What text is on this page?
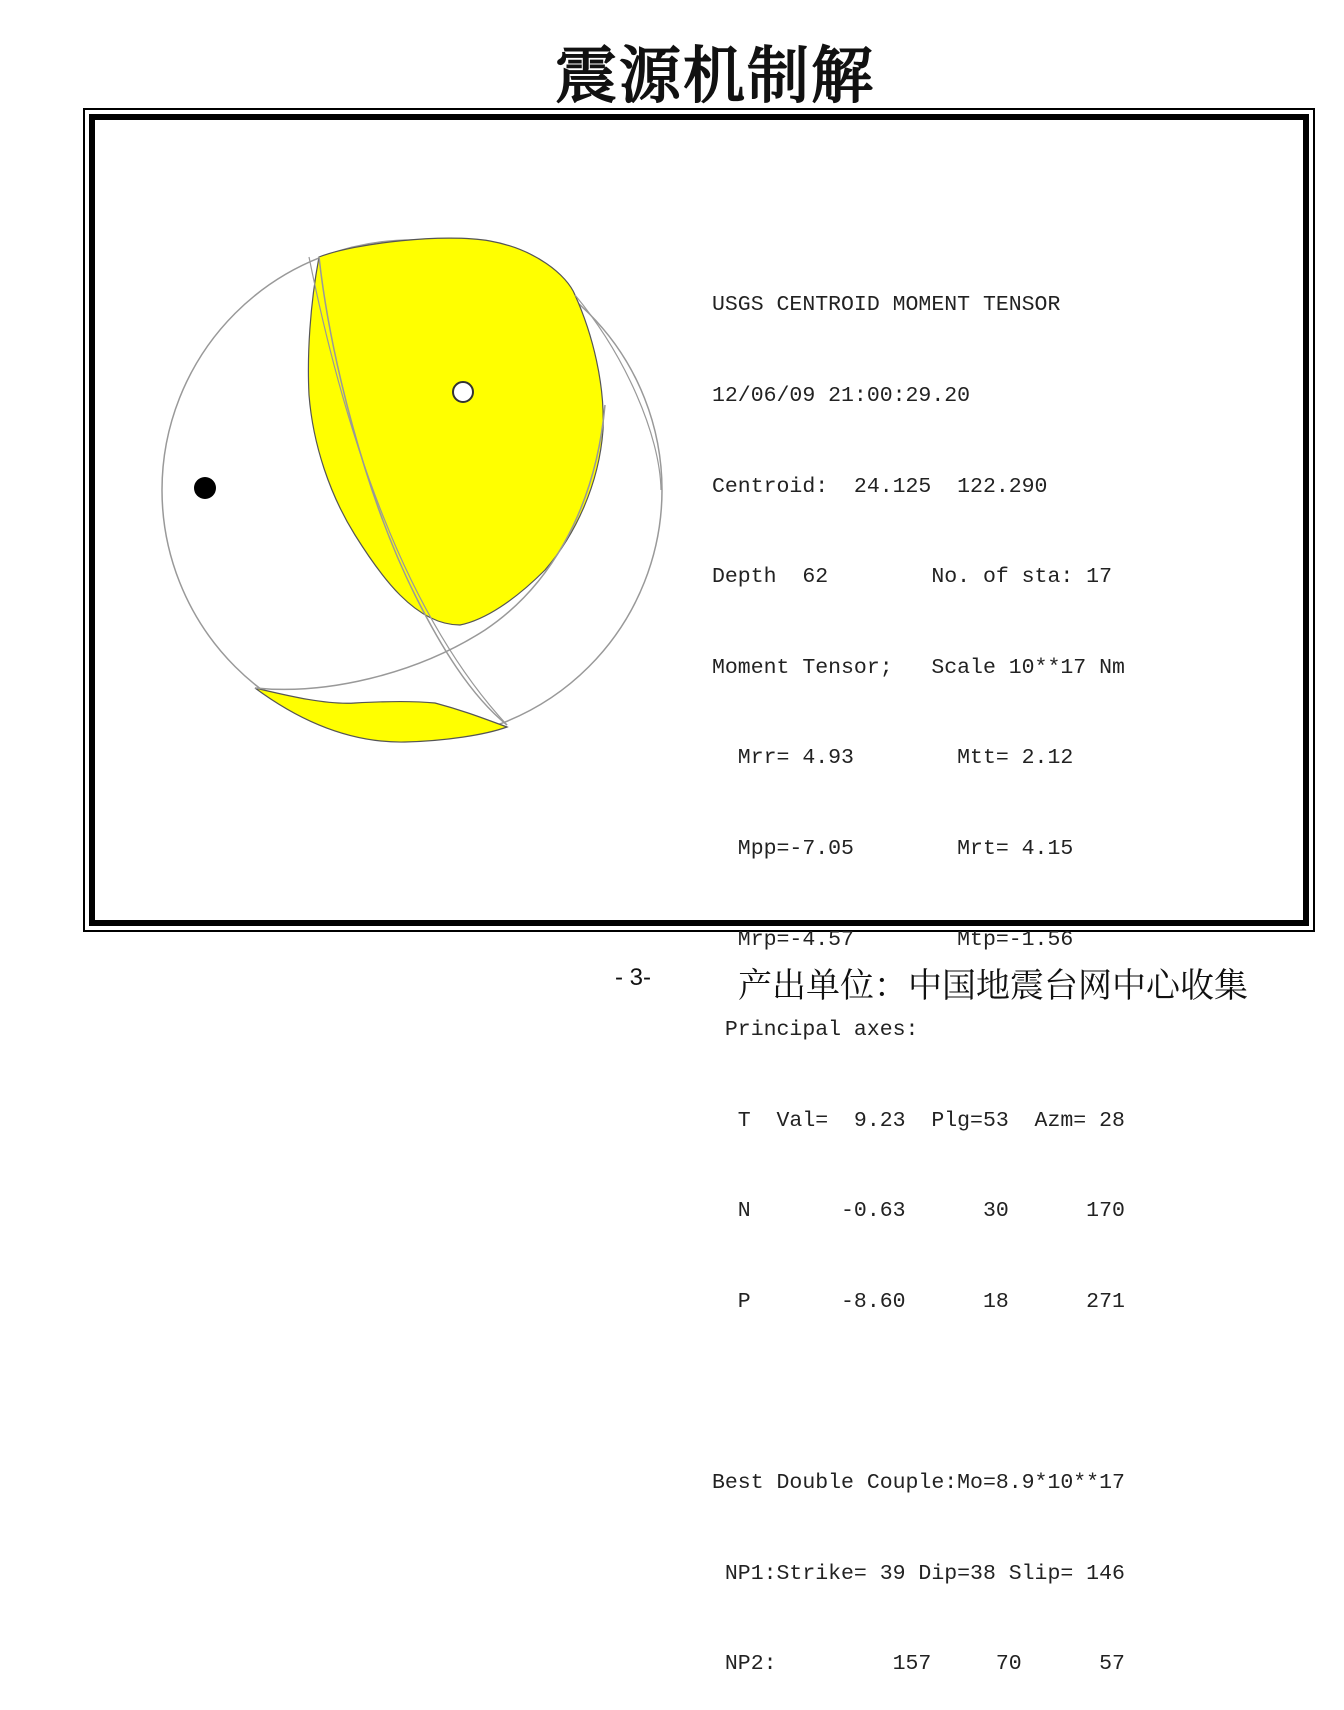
震源机制解

USGS CENTROID MOMENT TENSOR

12/06/09 21:00:29.20

Centroid:  24.125  122.290

Depth  62        No. of sta: 17

Moment Tensor;   Scale 10**17 Nm

Mrr= 4.93        Mtt= 2.12

Mpp=-7.05        Mrt= 4.15

Mrp=-4.57        Mtp=-1.56

Principal axes:

T  Val=  9.23  Plg=53  Azm= 28

N       -0.63      30      170

P       -8.60      18      271

Best Double Couple:Mo=8.9*10**17

NP1:Strike= 39 Dip=38 Slip= 146

NP2:         157     70      57

- 3-	产出单位：中国地震台网中心收集
